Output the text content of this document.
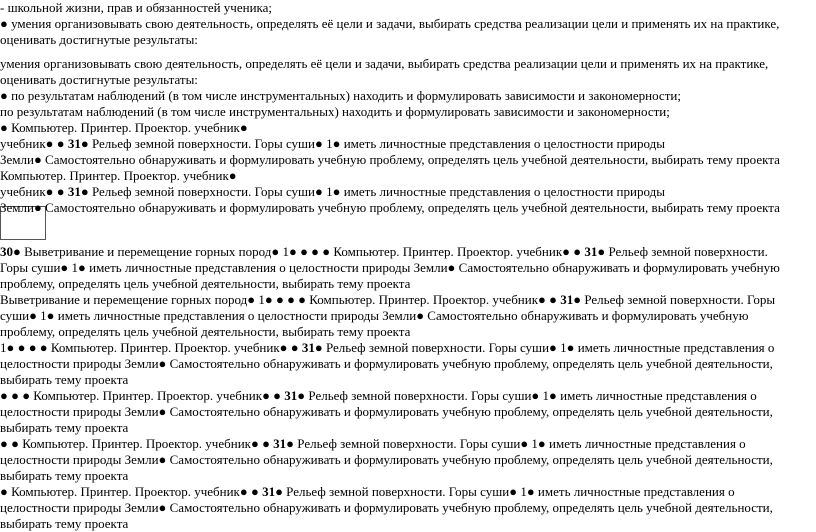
- школьной жизни, прав и обязанностей ученика;
● умения организовывать свою деятельность, определять её цели и задачи, выбирать средства реализации цели и применять их на практике,
оценивать достигнутые результаты:
умения организовывать свою деятельность, определять её цели и задачи, выбирать средства реализации цели и применять их на практике,
оценивать достигнутые результаты:
● по результатам наблюдений (в том числе инструментальных) находить и формулировать зависимости и закономерности;
по результатам наблюдений (в том числе инструментальных) находить и формулировать зависимости и закономерности;
● Компьютер. Принтер. Проектор. учебник●
учебник● ● 31● Рельеф земной поверхности. Горы суши● 1● иметь личностные представления о целостности природы
Земли● Самостоятельно обнаруживать и формулировать учебную проблему, определять цель учебной деятельности, выбирать тему проекта
Компьютер. Принтер. Проектор. учебник●
учебник● ● 31● Рельеф земной поверхности. Горы суши● 1● иметь личностные представления о целостности природы
Земли● Самостоятельно обнаруживать и формулировать учебную проблему, определять цель учебной деятельности, выбирать тему проекта
30● Выветривание и перемещение горных пород● 1● ● ● ● Компьютер. Принтер. Проектор. учебник● ● 31● Рельеф земной поверхности.
Горы суши● 1● иметь личностные представления о целостности природы Земли● Самостоятельно обнаруживать и формулировать учебную
проблему, определять цель учебной деятельности, выбирать тему проекта
Выветривание и перемещение горных пород● 1● ● ● ● Компьютер. Принтер. Проектор. учебник● ● 31● Рельеф земной поверхности. Горы
суши● 1● иметь личностные представления о целостности природы Земли● Самостоятельно обнаруживать и формулировать учебную
проблему, определять цель учебной деятельности, выбирать тему проекта
1● ● ● ● Компьютер. Принтер. Проектор. учебник● ● 31● Рельеф земной поверхности. Горы суши● 1● иметь личностные представления о
целостности природы Земли● Самостоятельно обнаруживать и формулировать учебную проблему, определять цель учебной деятельности,
выбирать тему проекта
● ● ● Компьютер. Принтер. Проектор. учебник● ● 31● Рельеф земной поверхности. Горы суши● 1● иметь личностные представления о
целостности природы Земли● Самостоятельно обнаруживать и формулировать учебную проблему, определять цель учебной деятельности,
выбирать тему проекта
● ● Компьютер. Принтер. Проектор. учебник● ● 31● Рельеф земной поверхности. Горы суши● 1● иметь личностные представления о
целостности природы Земли● Самостоятельно обнаруживать и формулировать учебную проблему, определять цель учебной деятельности,
выбирать тему проекта
● Компьютер. Принтер. Проектор. учебник● ● 31● Рельеф земной поверхности. Горы суши● 1● иметь личностные представления о
целостности природы Земли● Самостоятельно обнаруживать и формулировать учебную проблему, определять цель учебной деятельности,
выбирать тему проекта
